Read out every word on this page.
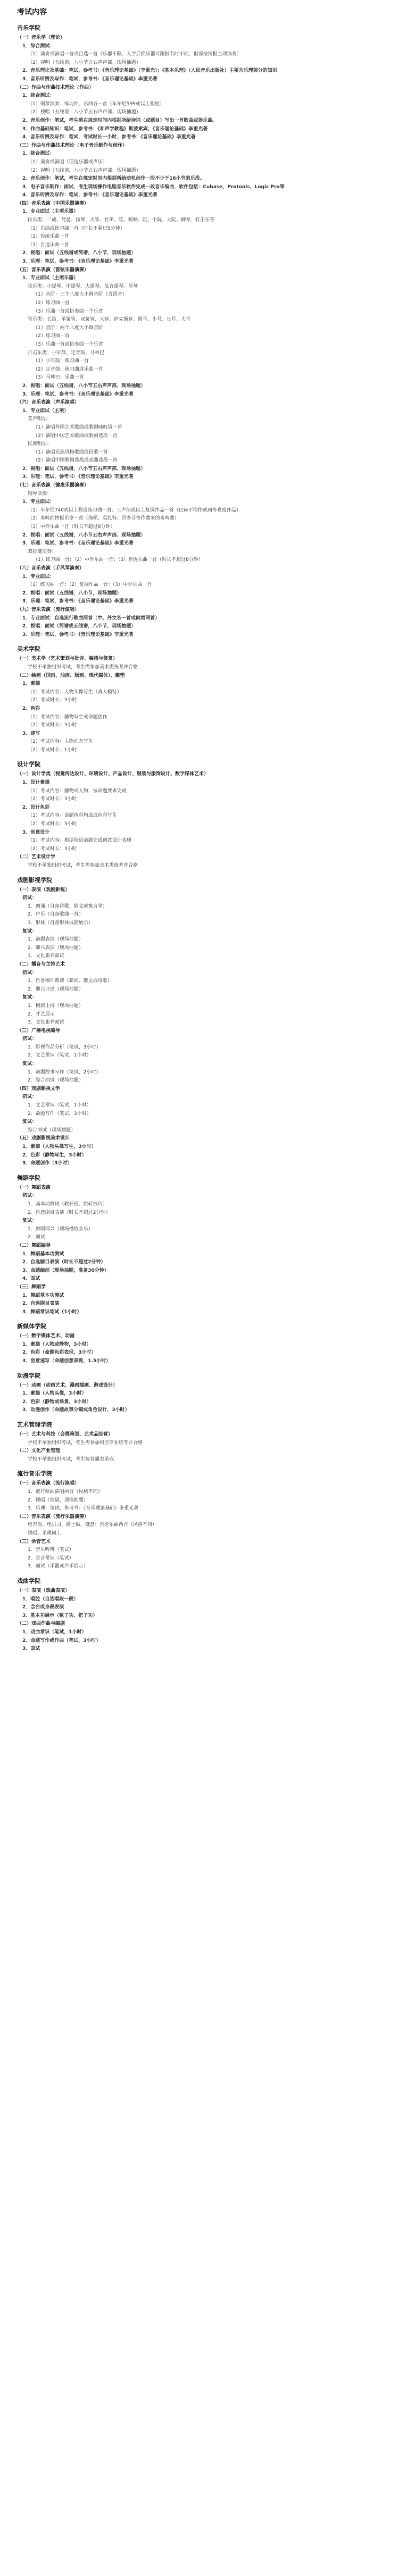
考试内容
音乐学院
（一）音乐学（理论）
1．综合测试：
（1）演奏或演唱一首或自选一首（乐器不限，入学后换乐器可跟报名时不同，但需按所报主项演奏）
（2）视唱（五线谱，八小节五右声声部、现场抽题）
2．音乐理论及基础：笔试，参考书：《音乐理论基础》（李重光）；《基本乐理》（人民音乐出版社）主要为乐理部分的知识
3．音乐听辨及写作：笔试，参考书：《音乐理论基础》李重光著
（二）作曲与作曲技术理论（作曲）
1．综合测试：
（1）钢琴演奏：练习曲、乐曲各一首（车尔尼599或以上程度）
（2）视唱（五线谱，八小节五右声声部、现场抽题）
2．音乐创作：笔试，考生须在规定时间内根据所给诗词（或题目）写出一首歌曲或器乐曲。
3．作曲基础知识：笔试，参考书：《和声学教程》斯波索宾；《音乐理论基础》李重光著
4．音乐听辨及写作：笔试，考试时长一小时，参考书：《音乐理论基础》李重光著
（三）作曲与作曲技术理论（电子音乐制作与创作）
1．综合测试：
（1）演奏或演唱（任选乐器或声乐）
（2）视唱（五线谱，八小节五右声声部、现场抽题）
2．音乐创作：笔试，考生在规定时间内根据所给动机创作一段不少于16小节的乐段。
3．电子音乐制作：面试，考生现场操作电脑音乐软件完成一段音乐编曲，软件包括：Cubase、Protools、Logic Pro等
4．音乐听辨及写作：笔试，参考书：《音乐理论基础》李重光著
（四）音乐表演（中国乐器演奏）
1．专业面试（主项乐器）
民乐类：二胡、琵琶、扬琴、古筝、竹笛、笙、唢呐、阮、中阮、大阮、柳琴、打击乐等
（1）乐曲或练习曲一首（时长不超过5分钟）
（2）传统乐曲一首
（3）自选乐曲一首
2．视唱：面试（五线谱或简谱，八小节，现场抽题）
3．乐理：笔试，参考书：《音乐理论基础》李重光著
（五）音乐表演（管弦乐器演奏）
1．专业面试（主项乐器）
弦乐类：小提琴、中提琴、大提琴、低音提琴、竖琴
（1）音阶：三个八度大小调音阶（含琶音）
（2）练习曲一首
（3）乐曲一首或协奏曲一个乐章
管乐类：长笛、单簧管、双簧管、大管、萨克斯管、圆号、小号、长号、大号
（1）音阶：两个八度大小调音阶
（2）练习曲一首
（3）乐曲一首或协奏曲一个乐章
打击乐类：小军鼓、定音鼓、马林巴
（1）小军鼓：练习曲一首
（2）定音鼓：练习曲或乐曲一首
（3）马林巴：乐曲一首
2．视唱：面试（五线谱，八小节五右声声部、现场抽题）
3．乐理：笔试，参考书：《音乐理论基础》李重光著
（六）音乐表演（声乐演唱）
1．专业面试（主项）
美声唱法：
（1）演唱外国艺术歌曲或歌剧咏叹调一首
（2）演唱中国艺术歌曲或歌剧选段一首
民族唱法：
（1）演唱民族风格歌曲或民歌一首
（2）演唱中国歌剧选段或戏曲选段一首
2．视唱：面试（五线谱，八小节五右声声部、现场抽题）
3．乐理：笔试，参考书：《音乐理论基础》李重光著
（七）音乐表演（键盘乐器演奏）
钢琴演奏：
1．专业面试：
（1）车尔尼740或以上程度练习曲一首；三声部或以上复调作品一首（巴赫平均律或同等难度作品）
（2）奏鸣曲快板乐章一首（海顿、莫扎特、贝多芬等作曲家的奏鸣曲）
（3）中外乐曲一首（时长不超过8分钟）
2．视唱：面试（五线谱，八小节五右声声部、现场抽题）
3．乐理：笔试，参考书：《音乐理论基础》李重光著
双排键演奏：
（1）练习曲一首；（2）中外乐曲一首；（3）自选乐曲一首（时长不超过8分钟）
（八）音乐表演（手风琴演奏）
1．专业面试：
（1）练习曲一首；（2）复调作品一首；（3）中外乐曲一首
2．视唱：面试（五线谱，八小节，现场抽题）
3．乐理：笔试，参考书：《音乐理论基础》李重光著
（九）音乐表演（流行演唱）
1．专业面试：自选流行歌曲两首（中、外文各一首或同类两首）
2．视唱：面试（简谱或五线谱，八小节，现场抽题）
3．乐理：笔试，参考书：《音乐理论基础》李重光著
美术学院
（一）美术学（艺术策划与批评、装裱与修复）
学校不单独组织考试，考生需参加美术类统考并合格
（二）绘画（国画、油画、版画、现代媒体）、雕塑
1．素描
（1）考试内容：人物头像写生（真人模特）
（2）考试时长：3小时
2．色彩
（1）考试内容：静物写生或命题创作
（2）考试时长：3小时
3．速写
（1）考试内容：人物动态写生
（2）考试时长：1小时
设计学院
（一）设计学类（视觉传达设计、环境设计、产品设计、服装与服饰设计、数字媒体艺术）
1．设计素描
（1）考试内容：静物或人物，按命题要求完成
（2）考试时长：3小时
2．设计色彩
（1）考试内容：命题色彩构成或色彩写生
（2）考试时长：3小时
3．创意设计
（1）考试内容：根据所给命题完成创意设计表现
（2）考试时长：3小时
（二）艺术设计学
学校不单独组织考试，考生需参加美术类统考并合格
戏剧影视学院
（一）表演（戏剧影视）
初试：
1．朗诵（自备诗歌、散文或寓言等）
2．声乐（自备歌曲一首）
3．形体（自备形体技能展示）
复试：
1．命题表演（现场抽题）
2．即兴表演（现场抽题）
3．文化素养面试
（二）播音与主持艺术
初试：
1．自备稿件朗读（新闻、散文或诗歌）
2．即兴评述（现场抽题）
复试：
1．模拟主持（现场抽题）
2．才艺展示
3．文化素养面试
（三）广播电视编导
初试：
1．影视作品分析（笔试，3小时）
2．文艺常识（笔试，1小时）
复试：
1．命题故事写作（笔试，2小时）
2．综合面试（现场抽题）
（四）戏剧影视文学
初试：
1．文艺常识（笔试，1小时）
2．命题写作（笔试，3小时）
复试：
综合面试（现场抽题）
（五）戏剧影视美术设计
1．素描（人物头像写生，3小时）
2．色彩（静物写生，3小时）
3．命题创作（3小时）
舞蹈学院
（一）舞蹈表演
初试：
1．基本功测试（软开度、跳转技巧）
2．自选剧目表演（时长不超过2分钟）
复试：
1．舞蹈即兴（现场播放音乐）
2．面试
（二）舞蹈编导
1．舞蹈基本功测试
2．自选剧目表演（时长不超过2分钟）
3．命题编创（现场抽题，准备30分钟）
4．面试
（三）舞蹈学
1．舞蹈基本功测试
2．自选剧目表演
3．舞蹈常识笔试（1小时）
新媒体学院
（一）数字媒体艺术、动画
1．素描（人物或静物，3小时）
2．色彩（命题色彩表现，3小时）
3．创意速写（命题创意表现，1.5小时）
动漫学院
（一）动画（动画艺术、漫画插画、游戏设计）
1．素描（人物头像，3小时）
2．色彩（静物或场景，3小时）
3．动漫创作（命题故事分镜或角色设计，3小时）
艺术管理学院
（一）艺术与科技（会展策划、艺术品经营）
学校不单独组织考试，考生需参加相应专业统考并合格
（二）文化产业管理
学校不单独组织考试，考生按普通类录取
流行音乐学院
（一）音乐表演（流行演唱）
1．流行歌曲演唱两首（风格不同）
2．视唱（简谱，现场抽题）
3．乐理：笔试，参考书：《音乐理论基础》李重光著
（二）音乐表演（流行乐器演奏）
电吉他、电贝司、爵士鼓、键盘：自选乐曲两首（风格不同）
视唱、乐理同上
（三）录音艺术
1．音乐听辨（笔试）
2．录音常识（笔试）
3．面试（乐器或声乐展示）
戏曲学院
（一）表演（戏曲表演）
1．唱腔（自选唱段一段）
2．念白或身段表演
3．基本功展示（毯子功、把子功）
（二）戏曲作曲与编剧
1．戏曲常识（笔试，1小时）
2．命题写作或作曲（笔试，3小时）
3．面试
